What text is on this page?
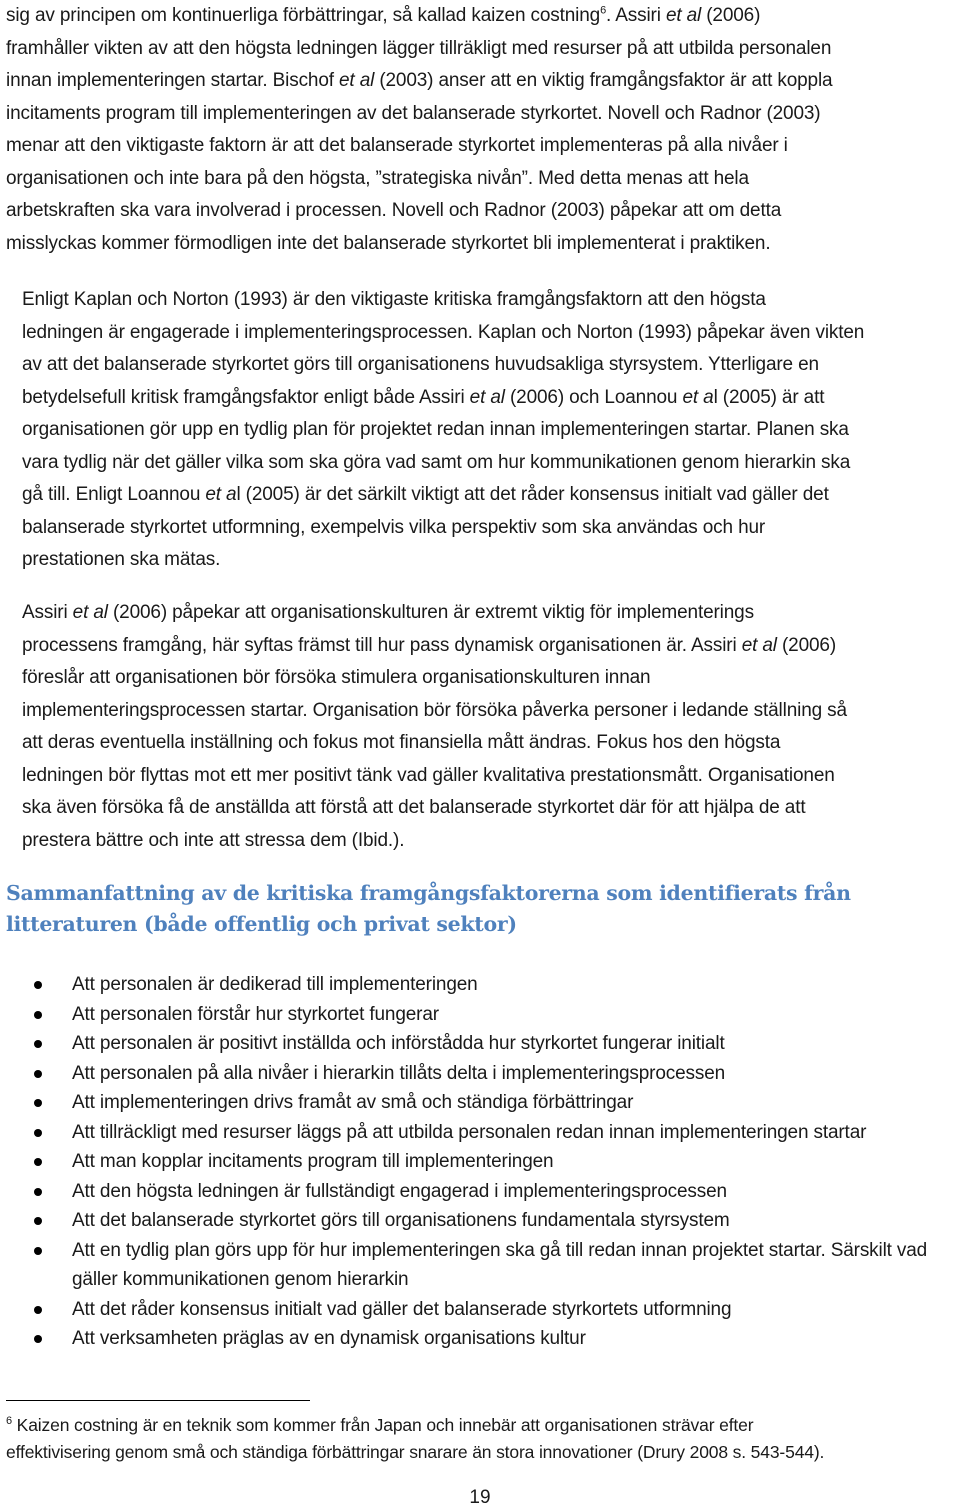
sig av principen om kontinuerliga förbättringar, så kallad kaizen costning$^6$. Assiri et al (2006)
framhåller vikten av att den högsta ledningen lägger tillräkligt med resurser på att utbilda personalen
innan implementeringen startar. Bischof et al (2003) anser att en viktig framgångsfaktor är att koppla
incitaments program till implementeringen av det balanserade styrkortet. Novell och Radnor (2003)
menar att den viktigaste faktorn är att det balanserade styrkortet implementeras på alla nivåer i
organisationen och inte bara på den högsta, ”strategiska nivån”. Med detta menas att hela
arbetskraften ska vara involverad i processen. Novell och Radnor (2003) påpekar att om detta
misslyckas kommer förmodligen inte det balanserade styrkortet bli implementerat i praktiken.
Enligt Kaplan och Norton (1993) är den viktigaste kritiska framgångsfaktorn att den högsta
ledningen är engagerade i implementeringsprocessen. Kaplan och Norton (1993) påpekar även vikten
av att det balanserade styrkortet görs till organisationens huvudsakliga styrsystem. Ytterligare en
betydelsefull kritisk framgångsfaktor enligt både Assiri et al (2006) och Loannou et al (2005) är att
organisationen gör upp en tydlig plan för projektet redan innan implementeringen startar. Planen ska
vara tydlig när det gäller vilka som ska göra vad samt om hur kommunikationen genom hierarkin ska
gå till. Enligt Loannou et al (2005) är det särkilt viktigt att det råder konsensus initialt vad gäller det
balanserade styrkortet utformning, exempelvis vilka perspektiv som ska användas och hur
prestationen ska mätas.
Assiri et al (2006) påpekar att organisationskulturen är extremt viktig för implementerings
processens framgång, här syftas främst till hur pass dynamisk organisationen är. Assiri et al (2006)
föreslår att organisationen bör försöka stimulera organisationskulturen innan
implementeringsprocessen startar. Organisation bör försöka påverka personer i ledande ställning så
att deras eventuella inställning och fokus mot finansiella mått ändras. Fokus hos den högsta
ledningen bör flyttas mot ett mer positivt tänk vad gäller kvalitativa prestationsmått. Organisationen
ska även försöka få de anställda att förstå att det balanserade styrkortet där för att hjälpa de att
prestera bättre och inte att stressa dem (Ibid.).
Sammanfattning av de kritiska framgångsfaktorerna som identifierats från litteraturen (både offentlig och privat sektor)
Att personalen är dedikerad till implementeringen
Att personalen förstår hur styrkortet fungerar
Att personalen är positivt inställda och införstådda hur styrkortet fungerar initialt
Att personalen på alla nivåer i hierarkin tillåts delta i implementeringsprocessen
Att implementeringen drivs framåt av små och ständiga förbättringar
Att tillräckligt med resurser läggs på att utbilda personalen redan innan implementeringen startar
Att man kopplar incitaments program till implementeringen
Att den högsta ledningen är fullständigt engagerad i implementeringsprocessen
Att det balanserade styrkortet görs till organisationens fundamentala styrsystem
Att en tydlig plan görs upp för hur implementeringen ska gå till redan innan projektet startar. Särskilt vad gäller kommunikationen genom hierarkin
Att det råder konsensus initialt vad gäller det balanserade styrkortets utformning
Att verksamheten präglas av en dynamisk organisations kultur
$^6$ Kaizen costning är en teknik som kommer från Japan och innebär att organisationen strävar efter
effektivisering genom små och ständiga förbättringar snarare än stora innovationer (Drury 2008 s. 543-544).
19
